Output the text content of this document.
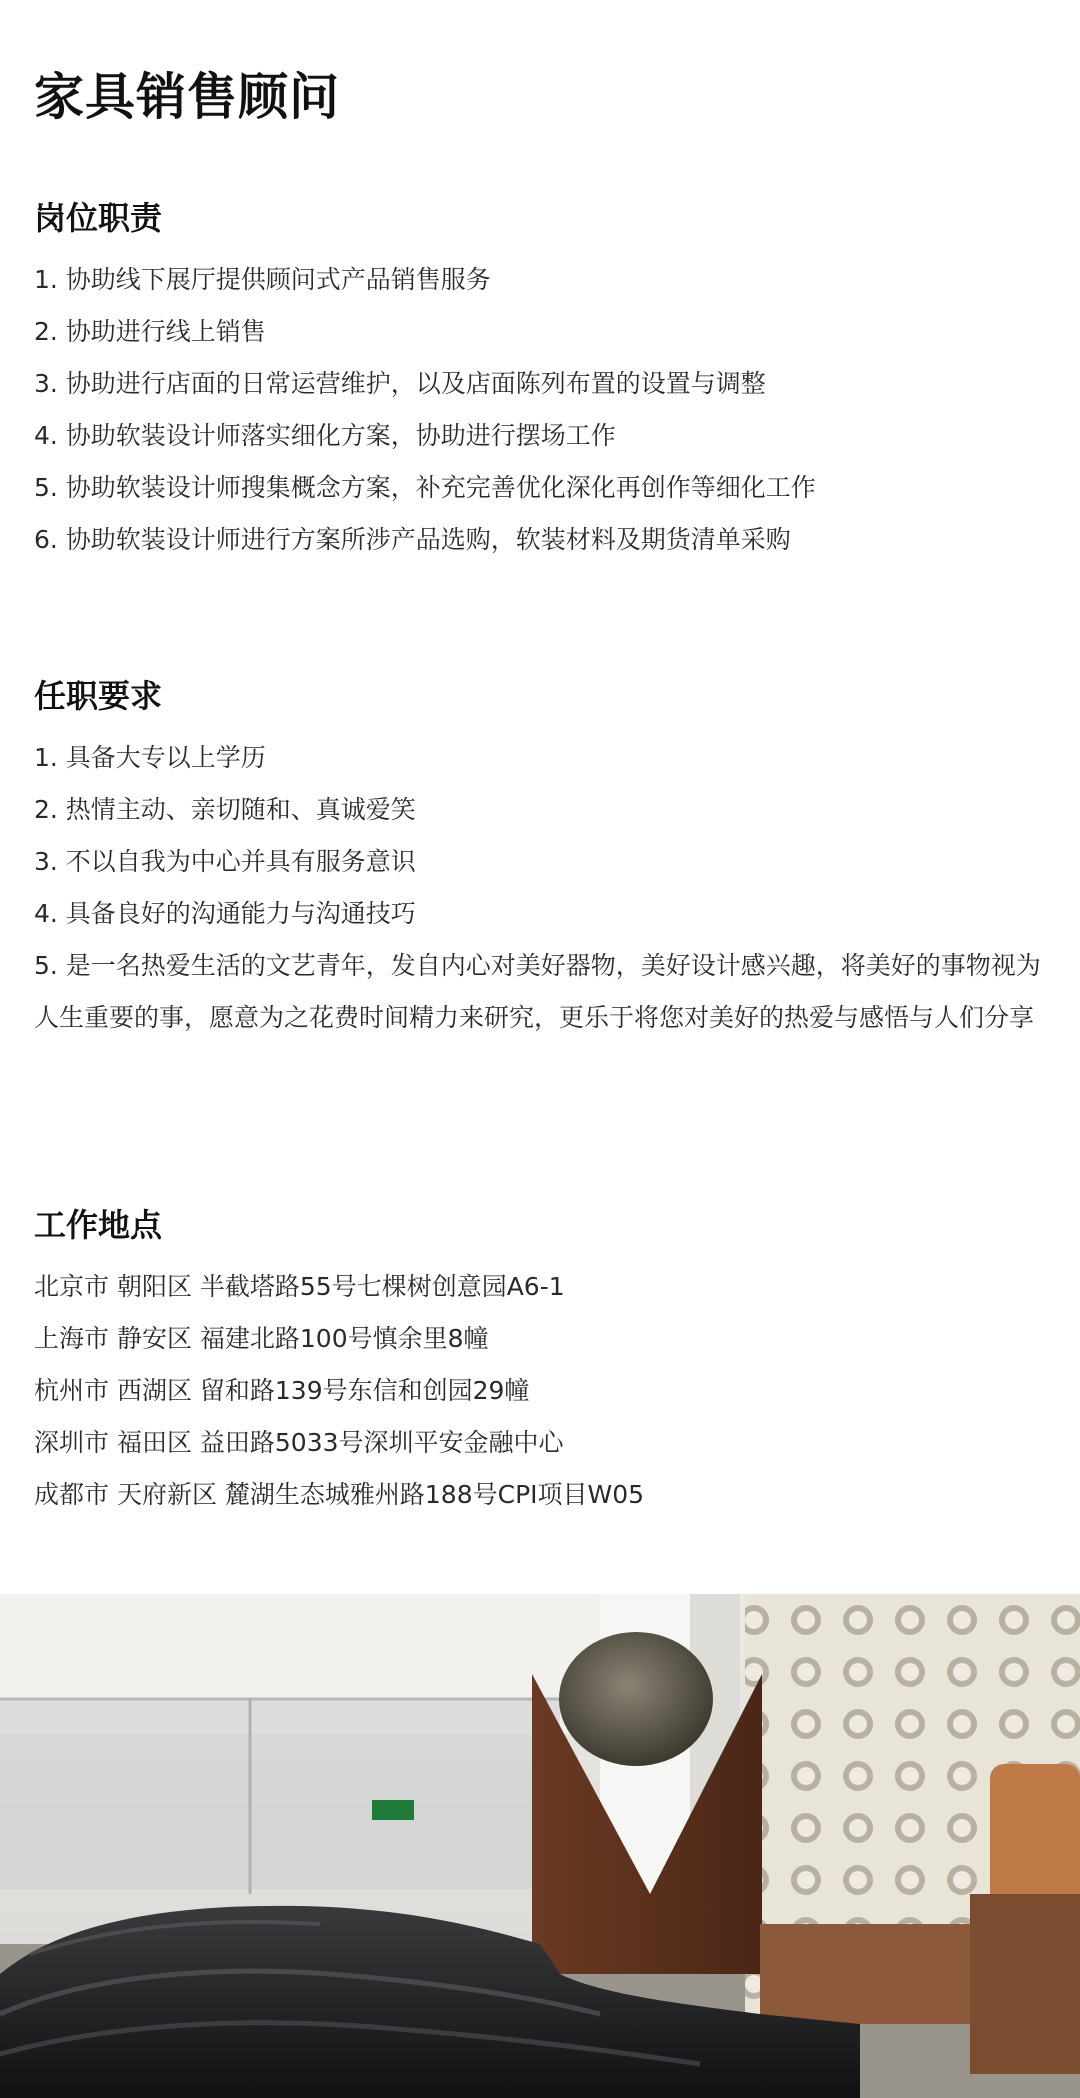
家具销售顾问
岗位职责

1. 协助线下展厅提供顾问式产品销售服务

2. 协助进行线上销售

3. 协助进行店面的日常运营维护，以及店面陈列布置的设置与调整

4. 协助软装设计师落实细化方案，协助进行摆场工作

5. 协助软装设计师搜集概念方案，补充完善优化深化再创作等细化工作

6. 协助软装设计师进行方案所涉产品选购，软装材料及期货清单采购

任职要求

1. 具备大专以上学历

2. 热情主动、亲切随和、真诚爱笑

3. 不以自我为中心并具有服务意识

4. 具备良好的沟通能力与沟通技巧

5. 是一名热爱生活的文艺青年，发自内心对美好器物，美好设计感兴趣，将美好的事物视为人生重要的事，愿意为之花费时间精力来研究，更乐于将您对美好的热爱与感悟与人们分享

工作地点

北京市 朝阳区 半截塔路55号七棵树创意园A6-1

上海市 静安区 福建北路100号慎余里8幢

杭州市 西湖区 留和路139号东信和创园29幢

深圳市 福田区 益田路5033号深圳平安金融中心

成都市 天府新区 麓湖生态城雅州路188号CPI项目W05
